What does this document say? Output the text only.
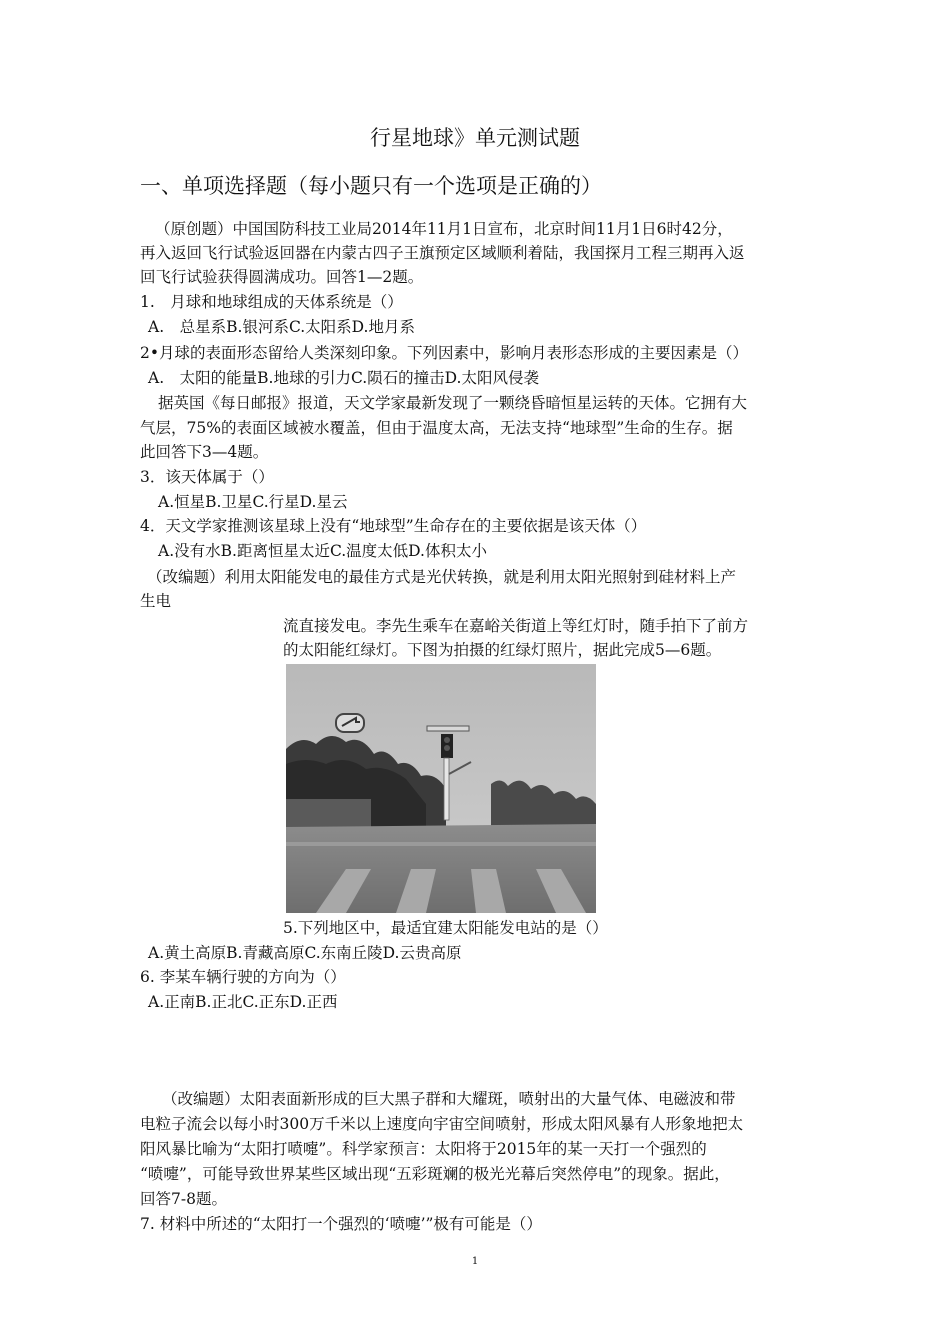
行星地球》单元测试题
一、单项选择题（每小题只有一个选项是正确的）
（原创题）中国国防科技工业局2014年11月1日宣布，北京时间11月1日6时42分，
再入返回飞行试验返回器在内蒙古四子王旗预定区域顺利着陆，我国探月工程三期再入返
回飞行试验获得圆满成功。回答1—2题。
1.　月球和地球组成的天体系统是（）
A.　总星系B.银河系C.太阳系D.地月系
2•月球的表面形态留给人类深刻印象。下列因素中，影响月表形态形成的主要因素是（）
A.　太阳的能量B.地球的引力C.陨石的撞击D.太阳风侵袭
据英国《每日邮报》报道，天文学家最新发现了一颗绕昏暗恒星运转的天体。它拥有大
气层，75%的表面区域被水覆盖，但由于温度太高，无法支持“地球型”生命的生存。据
此回答下3—4题。
3．该天体属于（）
A.恒星B.卫星C.行星D.星云
4．天文学家推测该星球上没有“地球型”生命存在的主要依据是该天体（）
A.没有水B.距离恒星太近C.温度太低D.体积太小
（改编题）利用太阳能发电的最佳方式是光伏转换，就是利用太阳光照射到硅材料上产
生电
流直接发电。李先生乘车在嘉峪关街道上等红灯时，随手拍下了前方
的太阳能红绿灯。下图为拍摄的红绿灯照片，据此完成5—6题。
5.下列地区中，最适宜建太阳能发电站的是（）
A.黄土高原B.青藏高原C.东南丘陵D.云贵高原
6. 李某车辆行驶的方向为（）
A.正南B.正北C.正东D.正西
（改编题）太阳表面新形成的巨大黑子群和大耀斑，喷射出的大量气体、电磁波和带
电粒子流会以每小时300万千米以上速度向宇宙空间喷射，形成太阳风暴有人形象地把太
阳风暴比喻为“太阳打喷嚏”。科学家预言：太阳将于2015年的某一天打一个强烈的
“喷嚏”，可能导致世界某些区域出现“五彩斑斓的极光光幕后突然停电”的现象。据此，
回答7-8题。
7. 材料中所述的“太阳打一个强烈的‘喷嚏’”极有可能是（）
1
